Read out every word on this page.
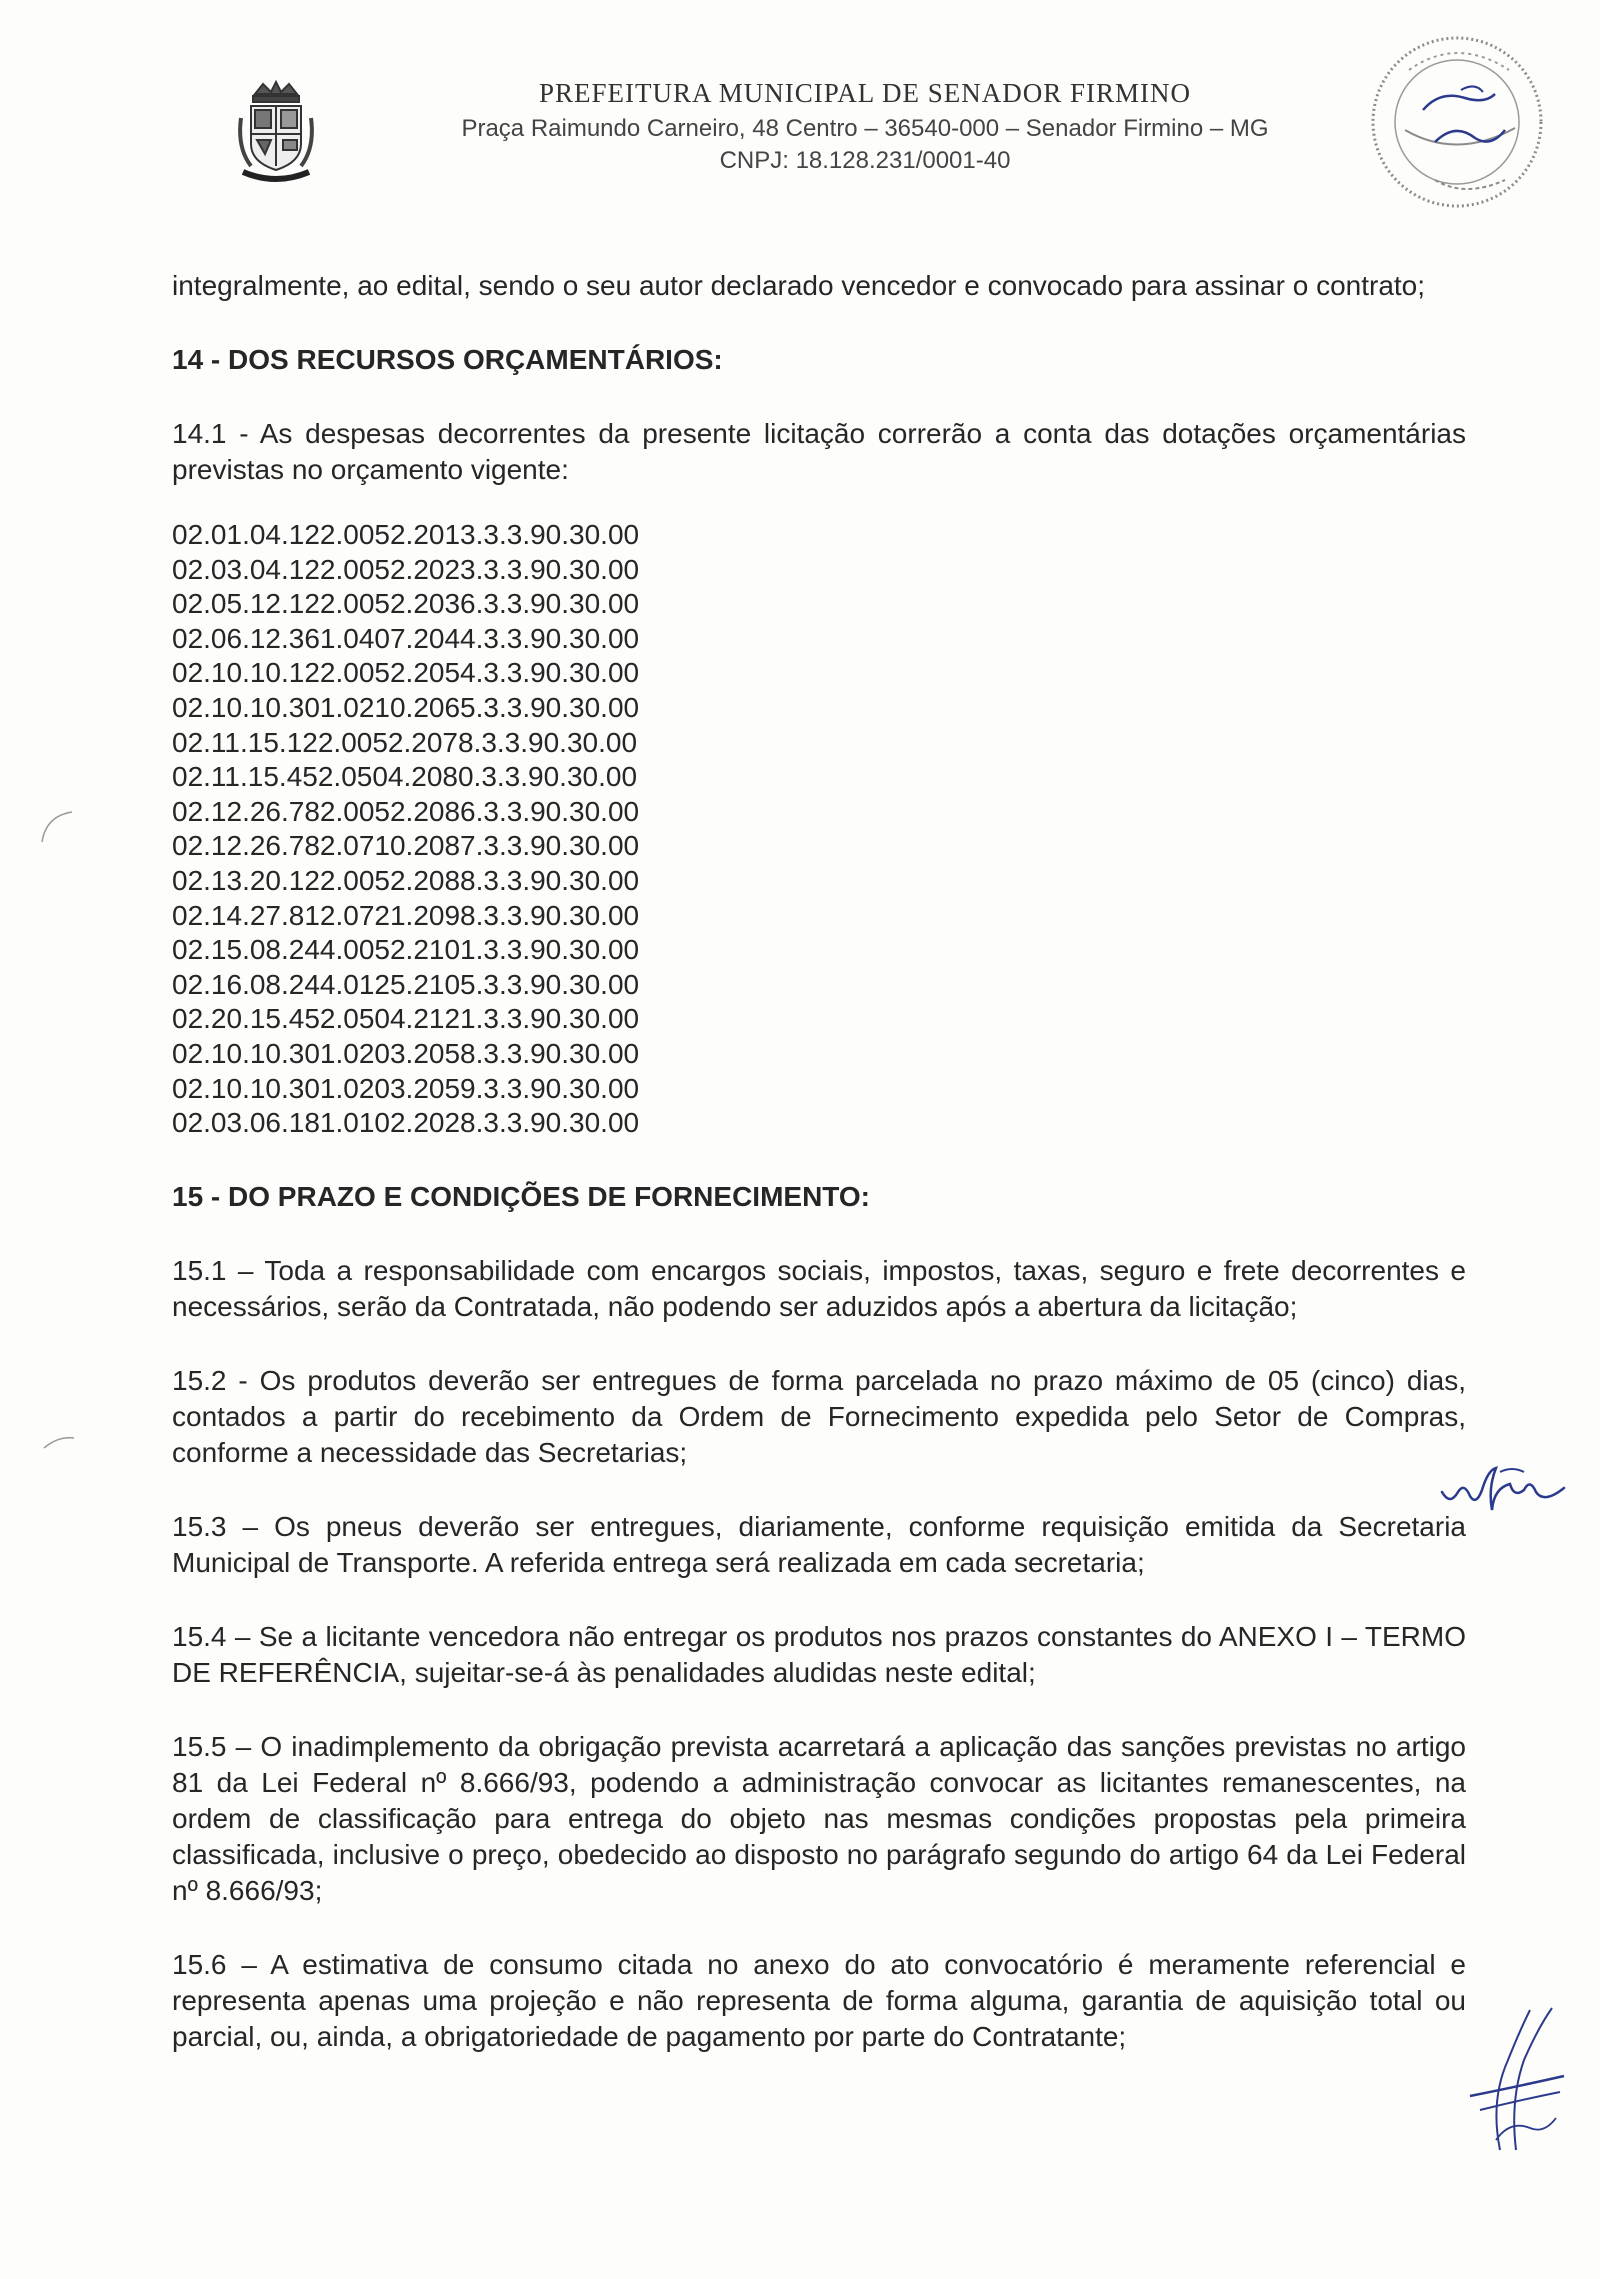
PREFEITURA MUNICIPAL DE SENADOR FIRMINO
Praça Raimundo Carneiro, 48 Centro – 36540-000 – Senador Firmino – MG
CNPJ: 18.128.231/0001-40

integralmente, ao edital, sendo o seu autor declarado vencedor e convocado para assinar o contrato;

14 - DOS RECURSOS ORÇAMENTÁRIOS:

14.1 - As despesas decorrentes da presente licitação correrão a conta das dotações orçamentárias previstas no orçamento vigente:

02.01.04.122.0052.2013.3.3.90.30.00
02.03.04.122.0052.2023.3.3.90.30.00
02.05.12.122.0052.2036.3.3.90.30.00
02.06.12.361.0407.2044.3.3.90.30.00
02.10.10.122.0052.2054.3.3.90.30.00
02.10.10.301.0210.2065.3.3.90.30.00
02.11.15.122.0052.2078.3.3.90.30.00
02.11.15.452.0504.2080.3.3.90.30.00
02.12.26.782.0052.2086.3.3.90.30.00
02.12.26.782.0710.2087.3.3.90.30.00
02.13.20.122.0052.2088.3.3.90.30.00
02.14.27.812.0721.2098.3.3.90.30.00
02.15.08.244.0052.2101.3.3.90.30.00
02.16.08.244.0125.2105.3.3.90.30.00
02.20.15.452.0504.2121.3.3.90.30.00
02.10.10.301.0203.2058.3.3.90.30.00
02.10.10.301.0203.2059.3.3.90.30.00
02.03.06.181.0102.2028.3.3.90.30.00

15 - DO PRAZO E CONDIÇÕES DE FORNECIMENTO:

15.1 – Toda a responsabilidade com encargos sociais, impostos, taxas, seguro e frete decorrentes e necessários, serão da Contratada, não podendo ser aduzidos após a abertura da licitação;

15.2 - Os produtos deverão ser entregues de forma parcelada no prazo máximo de 05 (cinco) dias, contados a partir do recebimento da Ordem de Fornecimento expedida pelo Setor de Compras, conforme a necessidade das Secretarias;

15.3 – Os pneus deverão ser entregues, diariamente, conforme requisição emitida da Secretaria Municipal de Transporte. A referida entrega será realizada em cada secretaria;

15.4 – Se a licitante vencedora não entregar os produtos nos prazos constantes do ANEXO I – TERMO DE REFERÊNCIA, sujeitar-se-á às penalidades aludidas neste edital;

15.5 – O inadimplemento da obrigação prevista acarretará a aplicação das sanções previstas no artigo 81 da Lei Federal nº 8.666/93, podendo a administração convocar as licitantes remanescentes, na ordem de classificação para entrega do objeto nas mesmas condições propostas pela primeira classificada, inclusive o preço, obedecido ao disposto no parágrafo segundo do artigo 64 da Lei Federal nº 8.666/93;

15.6 – A estimativa de consumo citada no anexo do ato convocatório é meramente referencial e representa apenas uma projeção e não representa de forma alguma, garantia de aquisição total ou parcial, ou, ainda, a obrigatoriedade de pagamento por parte do Contratante;
